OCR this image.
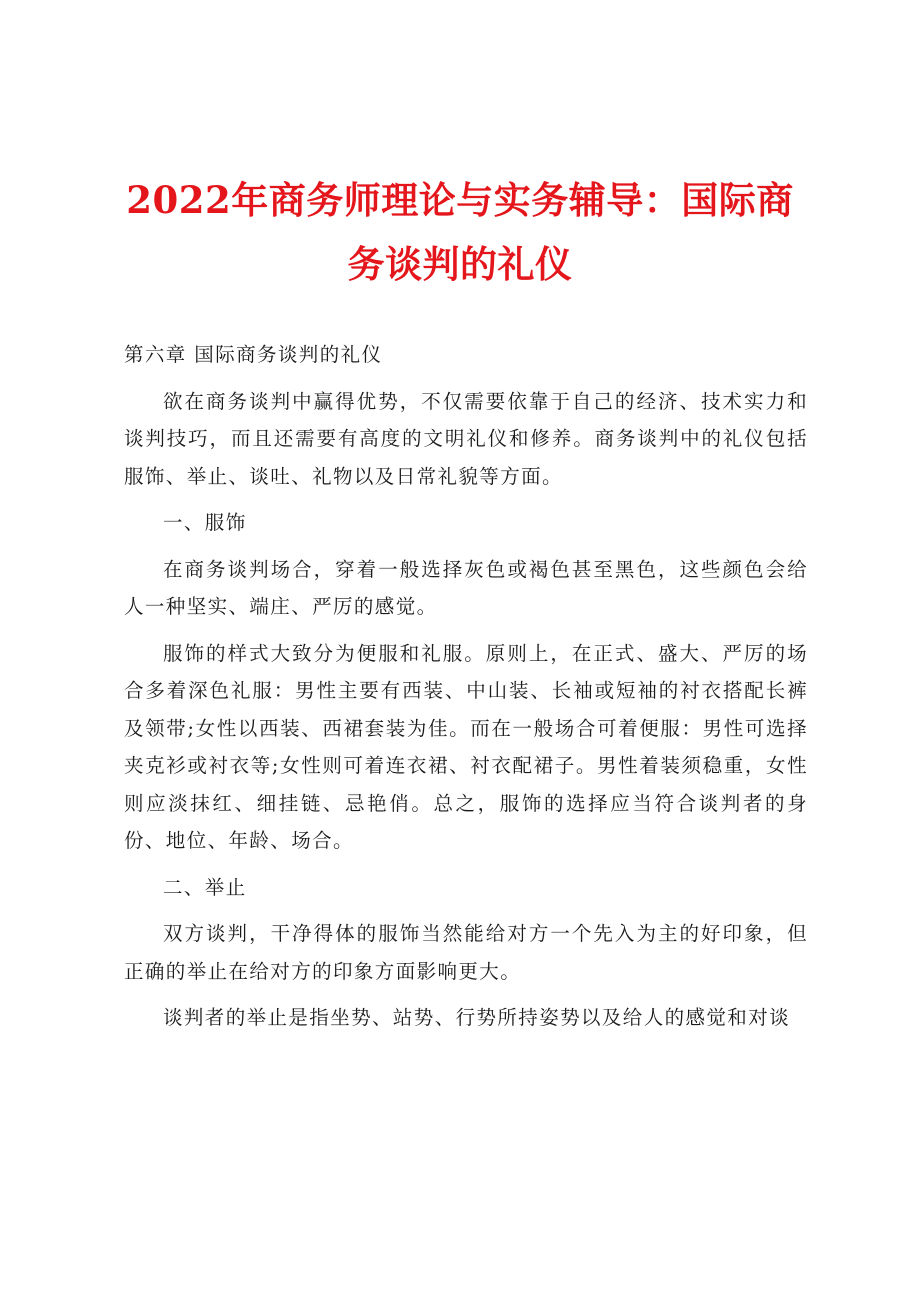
2022年商务师理论与实务辅导：国际商务谈判的礼仪

第六章 国际商务谈判的礼仪

欲在商务谈判中赢得优势，不仅需要依靠于自己的经济、技术实力和谈判技巧，而且还需要有高度的文明礼仪和修养。商务谈判中的礼仪包括服饰、举止、谈吐、礼物以及日常礼貌等方面。

一、服饰

在商务谈判场合，穿着一般选择灰色或褐色甚至黑色，这些颜色会给人一种坚实、端庄、严厉的感觉。

服饰的样式大致分为便服和礼服。原则上，在正式、盛大、严厉的场合多着深色礼服：男性主要有西装、中山装、长袖或短袖的衬衣搭配长裤及领带;女性以西装、西裙套装为佳。而在一般场合可着便服：男性可选择夹克衫或衬衣等;女性则可着连衣裙、衬衣配裙子。男性着装须稳重，女性则应淡抹红、细挂链、忌艳俏。总之，服饰的选择应当符合谈判者的身份、地位、年龄、场合。

二、举止

双方谈判，干净得体的服饰当然能给对方一个先入为主的好印象，但正确的举止在给对方的印象方面影响更大。

谈判者的举止是指坐势、站势、行势所持姿势以及给人的感觉和对谈
